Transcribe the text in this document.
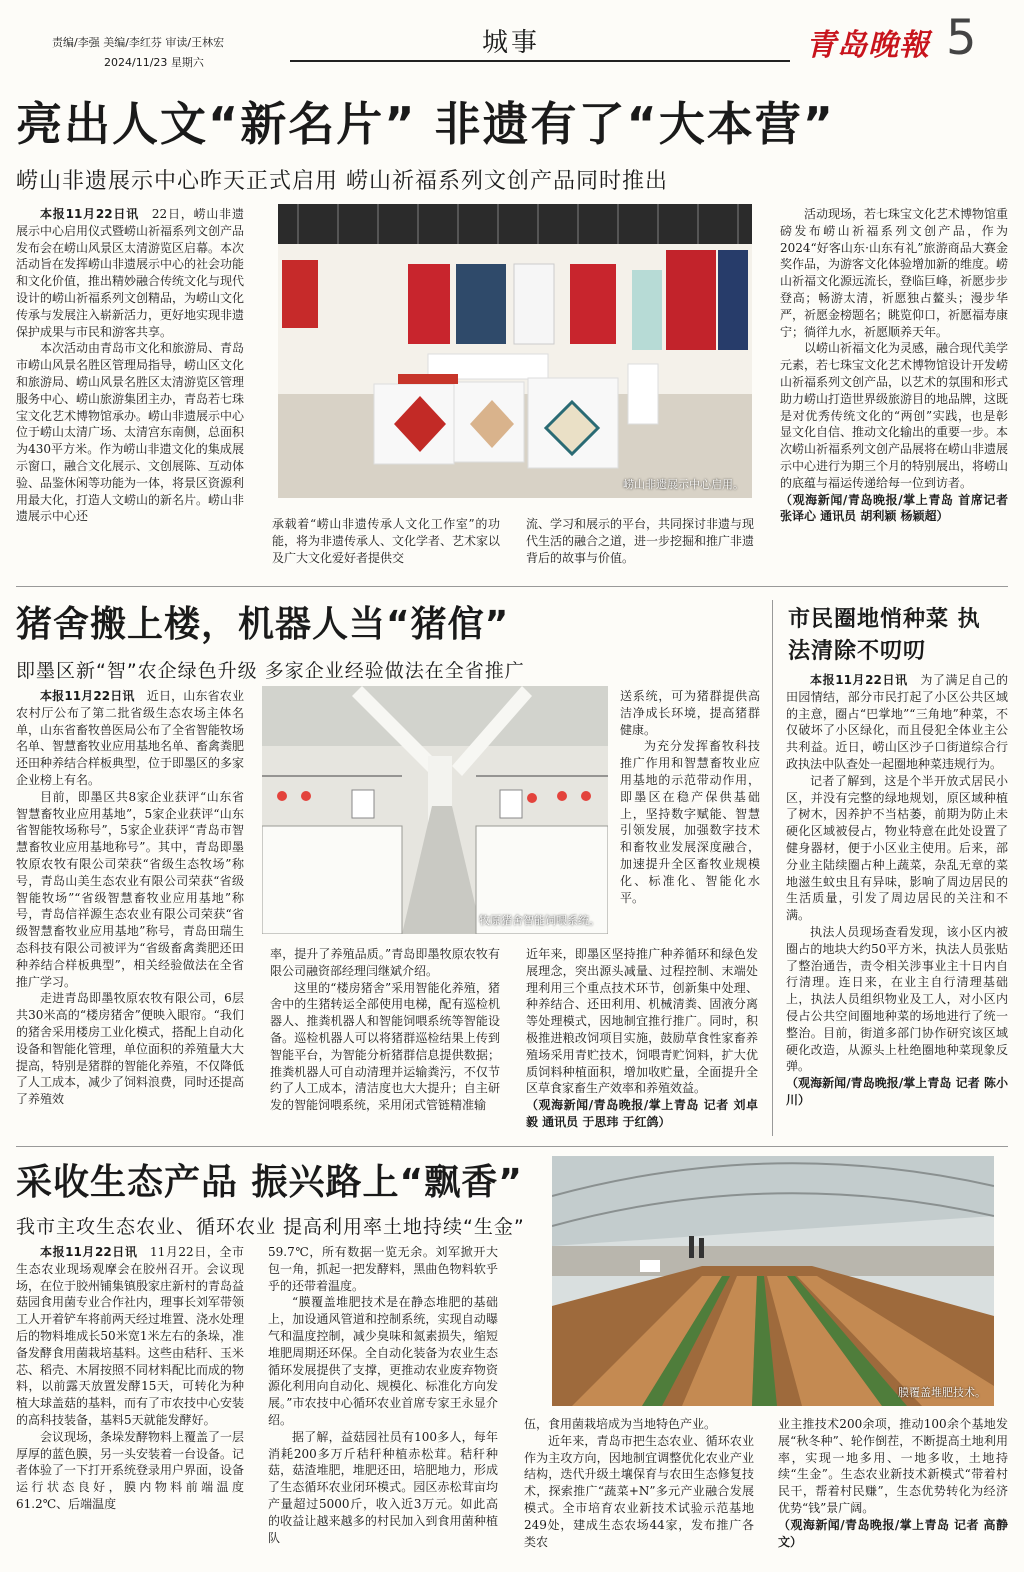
责编/李强 美编/李红芬 审读/王林宏
2024/11/23 星期六
城事	青岛晚報 5
亮出人文“新名片” 非遗有了“大本营”
崂山非遗展示中心昨天正式启用 崂山祈福系列文创产品同时推出

本报11月22日讯　 22日，崂山非遗展示中心启用仪式暨崂山祈福系列文创产品发布会在崂山风景区太清游览区启幕。本次活动旨在发挥崂山非遗展示中心的社会功能和文化价值，推出精妙融合传统文化与现代设计的崂山祈福系列文创精品，为崂山文化传承与发展注入崭新活力，更好地实现非遗保护成果与市民和游客共享。

本次活动由青岛市文化和旅游局、青岛市崂山风景名胜区管理局指导，崂山区文化和旅游局、崂山风景名胜区太清游览区管理服务中心、崂山旅游集团主办，青岛若七珠宝文化艺术博物馆承办。崂山非遗展示中心位于崂山太清广场、太清宫东南侧，总面积为430平方米。作为崂山非遗文化的集成展示窗口，融合文化展示、文创展陈、互动体验、品鉴休闲等功能为一体，将景区资源利用最大化，打造人文崂山的新名片。崂山非遗展示中心还

崂山非遗展示中心启用。

承载着“崂山非遗传承人文化工作室”的功能，将为非遗传承人、文化学者、艺术家以及广大文化爱好者提供交

流、学习和展示的平台，共同探讨非遗与现代生活的融合之道，进一步挖掘和推广非遗背后的故事与价值。

活动现场，若七珠宝文化艺术博物馆重磅发布崂山祈福系列文创产品，作为2024“好客山东·山东有礼”旅游商品大赛金奖作品，为游客文化体验增加新的维度。崂山祈福文化源远流长，登临巨峰，祈愿步步登高；畅游太清，祈愿独占鳌头；漫步华严，祈愿金榜题名；眺览仰口，祈愿福寿康宁；徜徉九水，祈愿顺养天年。

以崂山祈福文化为灵感，融合现代美学元素，若七珠宝文化艺术博物馆设计开发崂山祈福系列文创产品，以艺术的氛围和形式助力崂山打造世界级旅游目的地品牌，这既是对优秀传统文化的“两创”实践，也是彰显文化自信、推动文化输出的重要一步。本次崂山祈福系列文创产品展将在崂山非遗展示中心进行为期三个月的特别展出，将崂山的底蕴与福运传递给每一位到访者。

（观海新闻/青岛晚报/掌上青岛 首席记者 张译心 通讯员 胡利颖 杨颖超）

猪舍搬上楼，机器人当“猪倌”
即墨区新“智”农企绿色升级 多家企业经验做法在全省推广

本报11月22日讯　 近日，山东省农业农村厅公布了第二批省级生态农场主体名单，山东省畜牧兽医局公布了全省智能牧场名单、智慧畜牧业应用基地名单、畜禽粪肥还田种养结合样板典型，位于即墨区的多家企业榜上有名。

目前，即墨区共8家企业获评“山东省智慧畜牧业应用基地”，5家企业获评“山东省智能牧场称号”，5家企业获评“青岛市智慧畜牧业应用基地称号”。其中，青岛即墨牧原农牧有限公司荣获“省级生态牧场”称号，青岛山美生态农业有限公司荣获“省级智能牧场”“省级智慧畜牧业应用基地”称号，青岛信祥源生态农业有限公司荣获“省级智慧畜牧业应用基地”称号，青岛田瑞生态科技有限公司被评为“省级畜禽粪肥还田种养结合样板典型”，相关经验做法在全省推广学习。

走进青岛即墨牧原农牧有限公司，6层共30米高的“楼房猪舍”便映入眼帘。“我们的猪舍采用楼房工业化模式，搭配上自动化设备和智能化管理，单位面积的养殖量大大提高，特别是猪群的智能化养殖，不仅降低了人工成本，减少了饲料浪费，同时还提高了养殖效

牧原猪舍智能饲喂系统。

率，提升了养殖品质。”青岛即墨牧原农牧有限公司融资部经理闫继斌介绍。

这里的“楼房猪舍”采用智能化养殖，猪舍中的生猪转运全部使用电梯，配有巡检机器人、推粪机器人和智能饲喂系统等智能设备。巡检机器人可以将猪群巡检结果上传到智能平台，为智能分析猪群信息提供数据；推粪机器人可自动清理并运输粪污，不仅节约了人工成本，清洁度也大大提升；自主研发的智能饲喂系统，采用闭式管链精准输

送系统，可为猪群提供高洁净成长环境，提高猪群健康。

为充分发挥畜牧科技推广作用和智慧畜牧业应用基地的示范带动作用，即墨区在稳产保供基础上，坚持数字赋能、智慧引领发展，加强数字技术和畜牧业发展深度融合，加速提升全区畜牧业规模化、标准化、智能化水平。

近年来，即墨区坚持推广种养循环和绿色发展理念，突出源头减量、过程控制、末端处理利用三个重点技术环节，创新集中处理、种养结合、还田利用、机械清粪、固液分离等处理模式，因地制宜推行推广。同时，积极推进粮改饲项目实施，鼓励草食性家畜养殖场采用青贮技术，饲喂青贮饲料，扩大优质饲料种植面积，增加收贮量，全面提升全区草食家畜生产效率和养殖效益。

（观海新闻/青岛晚报/掌上青岛 记者 刘卓毅 通讯员 于思玮 于红鸽）

市民圈地悄种菜 执法清除不叨叨

本报11月22日讯　 为了满足自己的田园情结，部分市民打起了小区公共区域的主意，圈占“巴掌地”“三角地”种菜，不仅破坏了小区绿化，而且侵犯全体业主公共利益。近日，崂山区沙子口街道综合行政执法中队查处一起圈地种菜违规行为。

记者了解到，这是个半开放式居民小区，并没有完整的绿地规划，原区域种植了树木，因养护不当枯萎，前期为防止未硬化区域被侵占，物业特意在此处设置了健身器材，便于小区业主使用。后来，部分业主陆续圈占种上蔬菜，杂乱无章的菜地滋生蚊虫且有异味，影响了周边居民的生活质量，引发了周边居民的关注和不满。

执法人员现场查看发现，该小区内被圈占的地块大约50平方米，执法人员张贴了整治通告，责令相关涉事业主十日内自行清理。连日来，在业主自行清理基础上，执法人员组织物业及工人，对小区内侵占公共空间圈地种菜的场地进行了统一整治。目前，街道多部门协作研究该区域硬化改造，从源头上杜绝圈地种菜现象反弹。

（观海新闻/青岛晚报/掌上青岛 记者 陈小川）

膜覆盖堆肥技术。
采收生态产品 振兴路上“飘香”
我市主攻生态农业、循环农业 提高利用率土地持续“生金”

本报11月22日讯　 11月22日，全市生态农业现场观摩会在胶州召开。会议现场，在位于胶州铺集镇殷家庄新村的青岛益菇园食用菌专业合作社内，理事长刘军带领工人开着铲车将前两天经过堆置、浇水处理后的物料堆成长50米宽1米左右的条垛，准备发酵食用菌栽培基料。这些由秸秆、玉米芯、稻壳、木屑按照不同材料配比而成的物料，以前露天放置发酵15天，可转化为种植大球盖菇的基料，而有了市农技中心安装的高科技装备，基料5天就能发酵好。

会议现场，条垛发酵物料上覆盖了一层厚厚的蓝色膜，另一头安装着一台设备。记者体验了一下打开系统登录用户界面，设备运行状态良好，膜内物料前端温度61.2℃、后端温度

59.7℃，所有数据一览无余。刘军掀开大包一角，抓起一把发酵料，黑曲色物料软乎乎的还带着温度。

“膜覆盖堆肥技术是在静态堆肥的基础上，加设通风管道和控制系统，实现自动曝气和温度控制，减少臭味和氮素损失，缩短堆肥周期还环保。全自动化装备为农业生态循环发展提供了支撑，更推动农业废弃物资源化利用向自动化、规模化、标准化方向发展。”市农技中心循环农业首席专家王永显介绍。

据了解，益菇园社员有100多人，每年消耗200多万斤秸秆种植赤松茸。秸秆种菇，菇渣堆肥，堆肥还田，培肥地力，形成了生态循环农业闭环模式。园区赤松茸亩均产量超过5000斤，收入近3万元。如此高的收益让越来越多的村民加入到食用菌种植队

伍，食用菌栽培成为当地特色产业。

近年来，青岛市把生态农业、循环农业作为主攻方向，因地制宜调整优化农业产业结构，迭代升级土壤保育与农田生态修复技术，探索推广“蔬菜+N”多元产业融合发展模式。全市培育农业新技术试验示范基地249处，建成生态农场44家，发布推广各类农

业主推技术200余项，推动100余个基地发展“秋冬种”、轮作倒茬，不断提高土地利用率，实现一地多用、一地多收，土地持续“生金”。生态农业新技术新模式“带着村民干，帮着村民赚”，生态优势转化为经济优势“钱”景广阔。

（观海新闻/青岛晚报/掌上青岛 记者 高静文）
